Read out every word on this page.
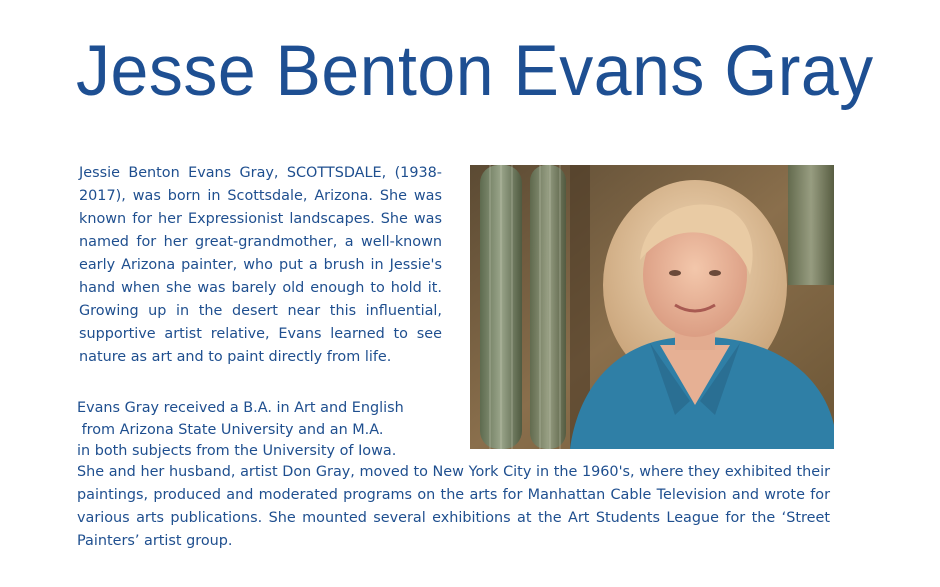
Jesse Benton Evans Gray

Jessie Benton Evans Gray, SCOTTSDALE, (1938-2017), was born in Scottsdale, Arizona. She was known for her Expressionist landscapes. She was named for her great-grandmother, a well-known early Arizona painter, who put a brush in Jessie's hand when she was barely old enough to hold it. Growing up in the desert near this influential, supportive artist relative, Evans learned to see nature as art and to paint directly from life.

Evans Gray received a B.A. in Art and English
from Arizona State University and an M.A.
in both subjects from the University of Iowa.

She and her husband, artist Don Gray, moved to New York City in the 1960's, where they exhibited their paintings, produced and moderated programs on the arts for Manhattan Cable Television and wrote for various arts publications. She mounted several exhibitions at the Art Students League for the ‘Street Painters’ artist group.
